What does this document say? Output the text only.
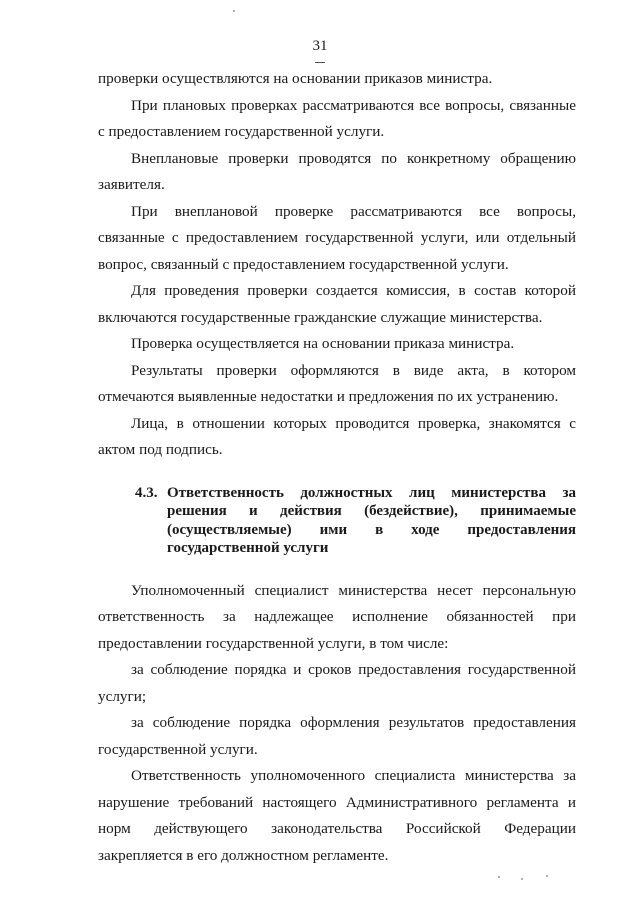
31

проверки осуществляются на основании приказов министра.

При плановых проверках рассматриваются все вопросы, связанные с предоставлением государственной услуги.

Внеплановые проверки проводятся по конкретному обращению заявителя.

При внеплановой проверке рассматриваются все вопросы, связанные с предоставлением государственной услуги, или отдельный вопрос, связанный с предоставлением государственной услуги.

Для проведения проверки создается комиссия, в состав которой включаются государственные гражданские служащие министерства.

Проверка осуществляется на основании приказа министра.

Результаты проверки оформляются в виде акта, в котором отмечаются выявленные недостатки и предложения по их устранению.

Лица, в отношении которых проводится проверка, знакомятся с актом под подпись.

4.3. Ответственность должностных лиц министерства за решения и действия (бездействие), принимаемые (осуществляемые) ими в ходе предоставления государственной услуги

Уполномоченный специалист министерства несет персональную ответственность за надлежащее исполнение обязанностей при предоставлении государственной услуги, в том числе:

за соблюдение порядка и сроков предоставления государственной услуги;

за соблюдение порядка оформления результатов предоставления государственной услуги.

Ответственность уполномоченного специалиста министерства за нарушение требований настоящего Административного регламента и норм действующего законодательства Российской Федерации закрепляется в его должностном регламенте.
